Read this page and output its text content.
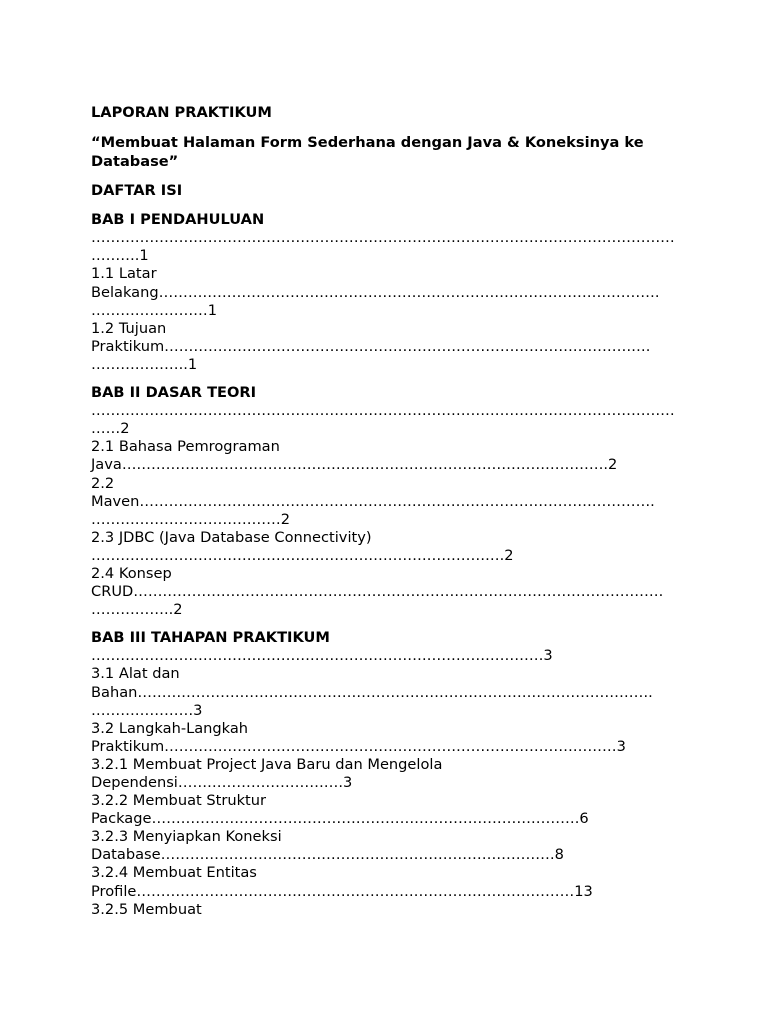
LAPORAN PRAKTIKUM
“Membuat Halaman Form Sederhana dengan Java & Koneksinya ke
Database”
DAFTAR ISI
BAB I PENDAHULUAN
…………………………………………………………………………………………………………
……….1
1.1 Latar
Belakang………………………………………………………………………………………….
……………………1
1.2 Tujuan
Praktikum……………………………………………………………………………………….
………………..1
BAB II DASAR TEORI
…………………………………………………………………………………………………………
……2
2.1 Bahasa Pemrograman
Java……………………………………………………………………………………….2
2.2
Maven…………………………………………………………………………………………….
…………………………………2
2.3 JDBC (Java Database Connectivity)
………………………………………………………………………….2
2.4 Konsep
CRUD……………………………………………………………………………………………….
……………..2
BAB III TAHAPAN PRAKTIKUM
…………………………………………………………………………………3
3.1 Alat dan
Bahan…………………………………………………………………………………………….
…………………3
3.2 Langkah-Langkah
Praktikum…………………………………………………………………………………3
3.2.1 Membuat Project Java Baru dan Mengelola
Dependensi…………………………….3
3.2.2 Membuat Struktur
Package…………………………………………………………………………….6
3.2.3 Menyiapkan Koneksi
Database………………………………………………………………………8
3.2.4 Membuat Entitas
Profile………………………………………………………………………………13
3.2.5 Membuat
